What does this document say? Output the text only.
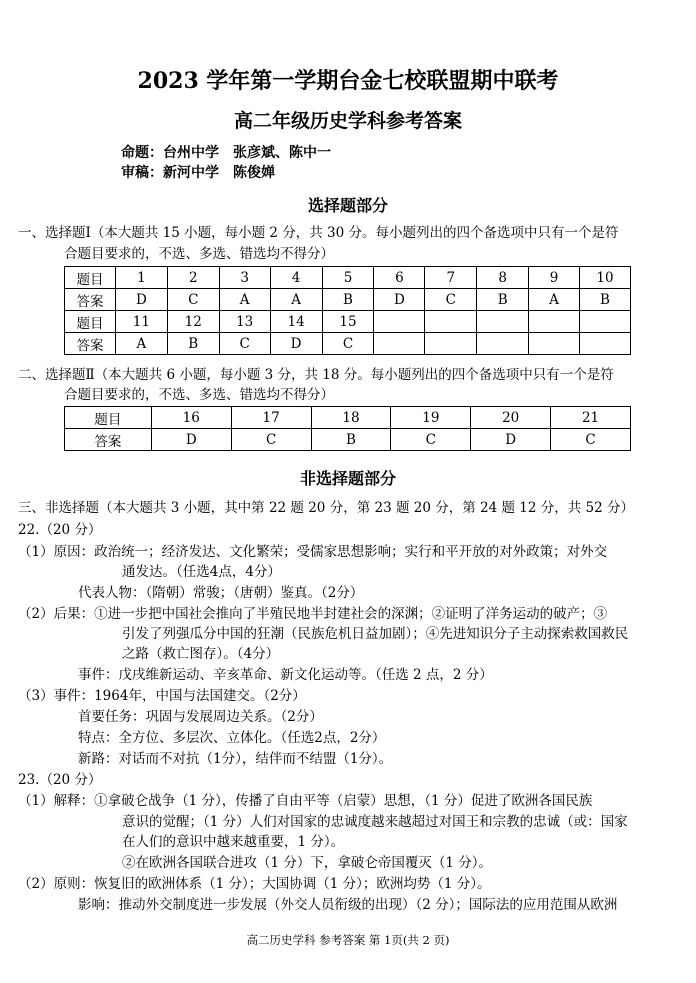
2023 学年第一学期台金七校联盟期中联考
高二年级历史学科参考答案
命题：台州中学　张彦斌、陈中一
审稿：新河中学　陈俊婵
选择题部分
一、选择题Ⅰ（本大题共 15 小题，每小题 2 分，共 30 分。每小题列出的四个备选项中只有一个是符
合题目要求的，不选、多选、错选均不得分）
题目	1	2	3	4	5	6	7	8	9	10
答案	D	C	A	A	B	D	C	B	A	B
题目	11	12	13	14	15					
答案	A	B	C	D	C					
二、选择题Ⅱ（本大题共 6 小题，每小题 3 分，共 18 分。每小题列出的四个备选项中只有一个是符
合题目要求的，不选、多选、错选均不得分）
题目	16	17	18	19	20	21
答案	D	C	B	C	D	C
非选择题部分
三、非选择题（本大题共 3 小题，其中第 22 题 20 分，第 23 题 20 分，第 24 题 12 分，共 52 分）
22.（20 分）
（1）原因：政治统一；经济发达、文化繁荣；受儒家思想影响；实行和平开放的对外政策；对外交
通发达。（任选4点，4分）
代表人物：（隋朝）常骏；（唐朝）鉴真。（2分）
（2）后果：①进一步把中国社会推向了半殖民地半封建社会的深渊；②证明了洋务运动的破产；③
引发了列强瓜分中国的狂潮（民族危机日益加剧）；④先进知识分子主动探索救国救民
之路（救亡图存）。（4分）
事件：戊戌维新运动、辛亥革命、新文化运动等。（任选 2 点，2 分）
（3）事件：1964年，中国与法国建交。（2分）
首要任务：巩固与发展周边关系。（2分）
特点：全方位、多层次、立体化。（任选2点，2分）
新路：对话而不对抗（1分），结伴而不结盟（1分）。
23.（20 分）
（1）解释：①拿破仑战争（1 分），传播了自由平等（启蒙）思想，（1 分）促进了欧洲各国民族
意识的觉醒；（1 分）人们对国家的忠诚度越来越超过对国王和宗教的忠诚（或：国家
在人们的意识中越来越重要，1 分）。
②在欧洲各国联合进攻（1 分）下，拿破仑帝国覆灭（1 分）。
（2）原则：恢复旧的欧洲体系（1 分）；大国协调（1 分）；欧洲均势（1 分）。
影响：推动外交制度进一步发展（外交人员衔级的出现）（2 分）；国际法的应用范围从欧洲
高二历史学科 参考答案 第 1页(共 2 页)
